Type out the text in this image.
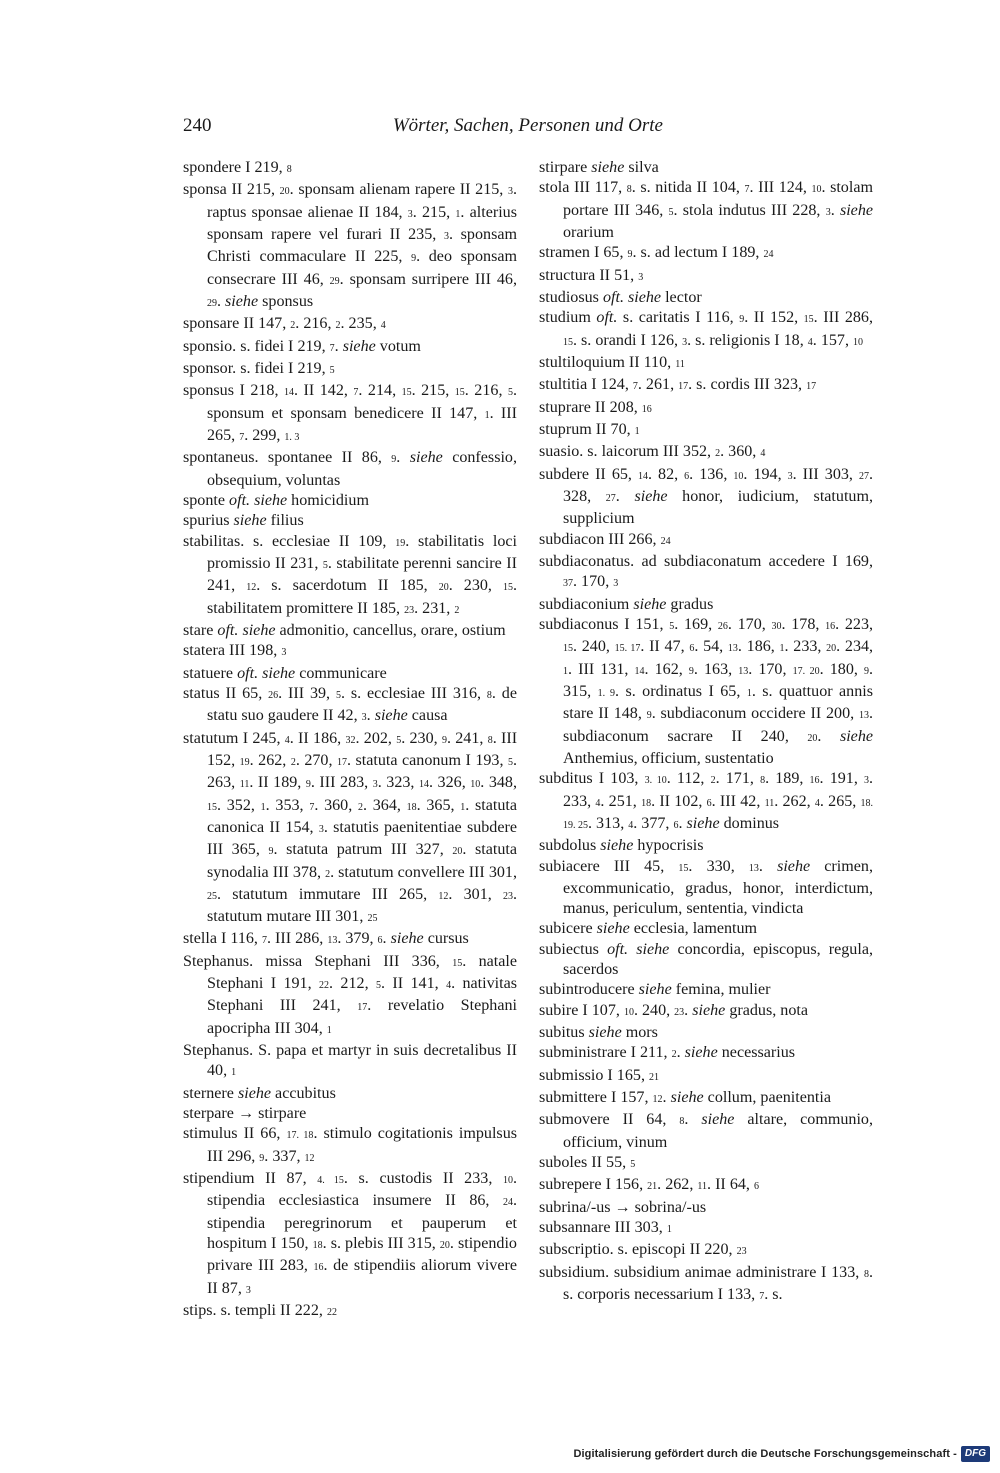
240	Wörter, Sachen, Personen und Orte

spondere I 219, 8

sponsa II 215, 20. sponsam alienam rapere II 215, 3. raptus sponsae alienae II 184, 3. 215, 1. alterius sponsam rapere vel furari II 235, 3. sponsam Christi commaculare II 225, 9. deo sponsam consecrare III 46, 29. sponsam surripere III 46, 29. siehe sponsus

sponsare II 147, 2. 216, 2. 235, 4

sponsio. s. fidei I 219, 7. siehe votum

sponsor. s. fidei I 219, 5

sponsus I 218, 14. II 142, 7. 214, 15. 215, 15. 216, 5. sponsum et sponsam benedicere II 147, 1. III 265, 7. 299, 1. 3

spontaneus. spontanee II 86, 9. siehe confessio, obsequium, voluntas

sponte oft. siehe homicidium

spurius siehe filius

stabilitas. s. ecclesiae II 109, 19. stabilitatis loci promissio II 231, 5. stabilitate perenni sancire II 241, 12. s. sacerdotum II 185, 20. 230, 15. stabilitatem promittere II 185, 23. 231, 2

stare oft. siehe admonitio, cancellus, orare, ostium

statera III 198, 3

statuere oft. siehe communicare

status II 65, 26. III 39, 5. s. ecclesiae III 316, 8. de statu suo gaudere II 42, 3. siehe causa

statutum I 245, 4. II 186, 32. 202, 5. 230, 9. 241, 8. III 152, 19. 262, 2. 270, 17. statuta canonum I 193, 5. 263, 11. II 189, 9. III 283, 3. 323, 14. 326, 10. 348, 15. 352, 1. 353, 7. 360, 2. 364, 18. 365, 1. statuta canonica II 154, 3. statutis paenitentiae subdere III 365, 9. statuta patrum III 327, 20. statuta synodalia III 378, 2. statutum convellere III 301, 25. statutum immutare III 265, 12. 301, 23. statutum mutare III 301, 25

stella I 116, 7. III 286, 13. 379, 6. siehe cursus

Stephanus. missa Stephani III 336, 15. natale Stephani I 191, 22. 212, 5. II 141, 4. nativitas Stephani III 241, 17. revelatio Stephani apocripha III 304, 1

Stephanus. S. papa et martyr in suis decretalibus II 40, 1

sternere siehe accubitus

sterpare → stirpare

stimulus II 66, 17. 18. stimulo cogitationis impulsus III 296, 9. 337, 12

stipendium II 87, 4. 15. s. custodis II 233, 10. stipendia ecclesiastica insumere II 86, 24. stipendia peregrinorum et pauperum et hospitum I 150, 18. s. plebis III 315, 20. stipendio privare III 283, 16. de stipendiis aliorum vivere II 87, 3

stips. s. templi II 222, 22

stirpare siehe silva

stola III 117, 8. s. nitida II 104, 7. III 124, 10. stolam portare III 346, 5. stola indutus III 228, 3. siehe orarium

stramen I 65, 9. s. ad lectum I 189, 24

structura II 51, 3

studiosus oft. siehe lector

studium oft. s. caritatis I 116, 9. II 152, 15. III 286, 15. s. orandi I 126, 3. s. religionis I 18, 4. 157, 10

stultiloquium II 110, 11

stultitia I 124, 7. 261, 17. s. cordis III 323, 17

stuprare II 208, 16

stuprum II 70, 1

suasio. s. laicorum III 352, 2. 360, 4

subdere II 65, 14. 82, 6. 136, 10. 194, 3. III 303, 27. 328, 27. siehe honor, iudicium, statutum, supplicium

subdiacon III 266, 24

subdiaconatus. ad subdiaconatum accedere I 169, 37. 170, 3

subdiaconium siehe gradus

subdiaconus I 151, 5. 169, 26. 170, 30. 178, 16. 223, 15. 240, 15. 17. II 47, 6. 54, 13. 186, 1. 233, 20. 234, 1. III 131, 14. 162, 9. 163, 13. 170, 17. 20. 180, 9. 315, 1. 9. s. ordinatus I 65, 1. s. quattuor annis stare II 148, 9. subdiaconum occidere II 200, 13. subdiaconum sacrare II 240, 20. siehe Anthemius, officium, sustentatio

subditus I 103, 3. 10. 112, 2. 171, 8. 189, 16. 191, 3. 233, 4. 251, 18. II 102, 6. III 42, 11. 262, 4. 265, 18. 19. 25. 313, 4. 377, 6. siehe dominus

subdolus siehe hypocrisis

subiacere III 45, 15. 330, 13. siehe crimen, excommunicatio, gradus, honor, interdictum, manus, periculum, sententia, vindicta

subicere siehe ecclesia, lamentum

subiectus oft. siehe concordia, episcopus, regula, sacerdos

subintroducere siehe femina, mulier

subire I 107, 10. 240, 23. siehe gradus, nota

subitus siehe mors

subministrare I 211, 2. siehe necessarius

submissio I 165, 21

submittere I 157, 12. siehe collum, paenitentia

submovere II 64, 8. siehe altare, communio, officium, vinum

suboles II 55, 5

subrepere I 156, 21. 262, 11. II 64, 6

subrina/-us → sobrina/-us

subsannare III 303, 1

subscriptio. s. episcopi II 220, 23

subsidium. subsidium animae administrare I 133, 8. s. corporis necessarium I 133, 7. s.

Digitalisierung gefördert durch die Deutsche Forschungsgemeinschaft - DFG
